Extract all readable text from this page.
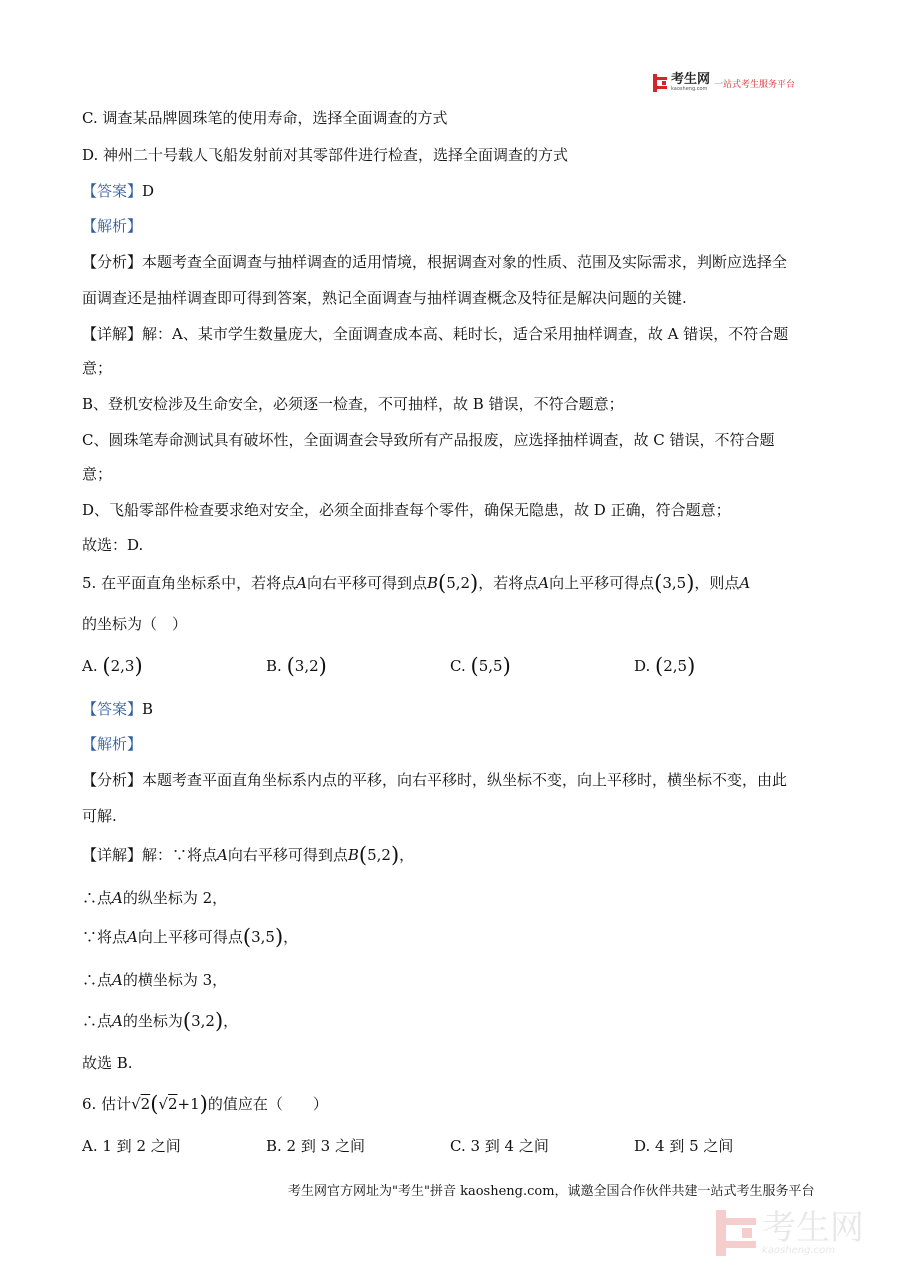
考生网
kaosheng.com 一站式考生服务平台
C. 调查某品牌圆珠笔的使用寿命，选择全面调查的方式
D. 神州二十号载人飞船发射前对其零部件进行检查，选择全面调查的方式
【答案】D
【解析】
【分析】本题考查全面调查与抽样调查的适用情境，根据调查对象的性质、范围及实际需求，判断应选择全
面调查还是抽样调查即可得到答案，熟记全面调查与抽样调查概念及特征是解决问题的关键.
【详解】解：A、某市学生数量庞大，全面调查成本高、耗时长，适合采用抽样调查，故 A 错误，不符合题
意；
B、登机安检涉及生命安全，必须逐一检查，不可抽样，故 B 错误，不符合题意；
C、圆珠笔寿命测试具有破坏性，全面调查会导致所有产品报废，应选择抽样调查，故 C 错误，不符合题
意；
D、飞船零部件检查要求绝对安全，必须全面排查每个零件，确保无隐患，故 D 正确，符合题意；
故选：D.
5. 在平面直角坐标系中，若将点A向右平移可得到点B(5,2)，若将点A向上平移可得点(3,5)，则点A
的坐标为（　）
A. (2,3)	B. (3,2)	C. (5,5)	D. (2,5)
【答案】B
【解析】
【分析】本题考查平面直角坐标系内点的平移，向右平移时，纵坐标不变，向上平移时，横坐标不变，由此
可解.
【详解】解：∵将点A向右平移可得到点B(5,2)，
∴点A的纵坐标为 2，
∵将点A向上平移可得点(3,5)，
∴点A的横坐标为 3，
∴点A的坐标为(3,2)，
故选 B.
6. 估计√2(√2+1)的值应在（　　）
A. 1 到 2 之间	B. 2 到 3 之间	C. 3 到 4 之间	D. 4 到 5 之间
考生网官方网址为"考生"拼音 kaosheng.com，诚邀全国合作伙伴共建一站式考生服务平台
考生网
kaosheng.com
